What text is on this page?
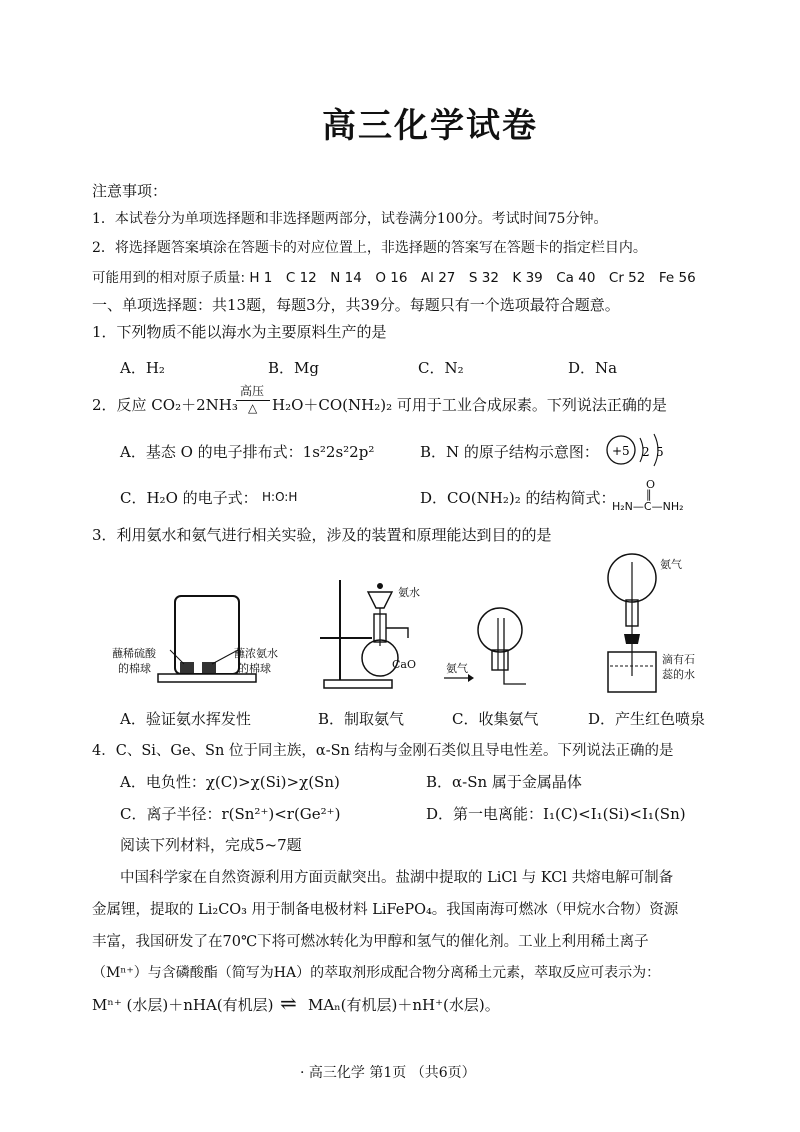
高三化学试卷
注意事项：
1．本试卷分为单项选择题和非选择题两部分，试卷满分100分。考试时间75分钟。
2．将选择题答案填涂在答题卡的对应位置上，非选择题的答案写在答题卡的指定栏目内。
可能用到的相对原子质量: H 1　C 12　N 14　O 16　Al 27　S 32　K 39　Ca 40　Cr 52　Fe 56
一、单项选择题：共13题，每题3分，共39分。每题只有一个选项最符合题意。
1．下列物质不能以海水为主要原料生产的是
A．H₂	B．Mg	C．N₂	D．Na
2．反应 CO₂＋2NH₃
高压
△ H₂O＋CO(NH₂)₂ 可用于工业合成尿素。下列说法正确的是
A．基态 O 的电子排布式：1s²2s²2p²	B．N 的原子结构示意图： +5 2 5
C．H₂O 的电子式： H:O:H	D．CO(NH₂)₂ 的结构简式：
O
‖
H₂N—C—NH₂
3．利用氨水和氨气进行相关实验，涉及的装置和原理能达到目的的是
蘸稀硫酸
的棉球
蘸浓氨水
的棉球
氨水
CaO	氨气
氨气
滴有石
蕊的水
A．验证氨水挥发性	B．制取氨气	C．收集氨气	D．产生红色喷泉
4．C、Si、Ge、Sn 位于同主族，α-Sn 结构与金刚石类似且导电性差。下列说法正确的是
A．电负性：χ(C)>χ(Si)>χ(Sn)	B．α-Sn 属于金属晶体
C．离子半径：r(Sn²⁺)<r(Ge²⁺)	D．第一电离能：I₁(C)<I₁(Si)<I₁(Sn)
阅读下列材料，完成5~7题
中国科学家在自然资源利用方面贡献突出。盐湖中提取的 LiCl 与 KCl 共熔电解可制备
金属锂，提取的 Li₂CO₃ 用于制备电极材料 LiFePO₄。我国南海可燃冰（甲烷水合物）资源
丰富，我国研发了在70℃下将可燃冰转化为甲醇和氢气的催化剂。工业上利用稀土离子
（Mⁿ⁺）与含磷酸酯（简写为HA）的萃取剂形成配合物分离稀土元素，萃取反应可表示为：
Mⁿ⁺ (水层)＋nHA(有机层) ⇌ MAₙ(有机层)＋nH⁺(水层)。
· 高三化学 第1页 （共6页）
